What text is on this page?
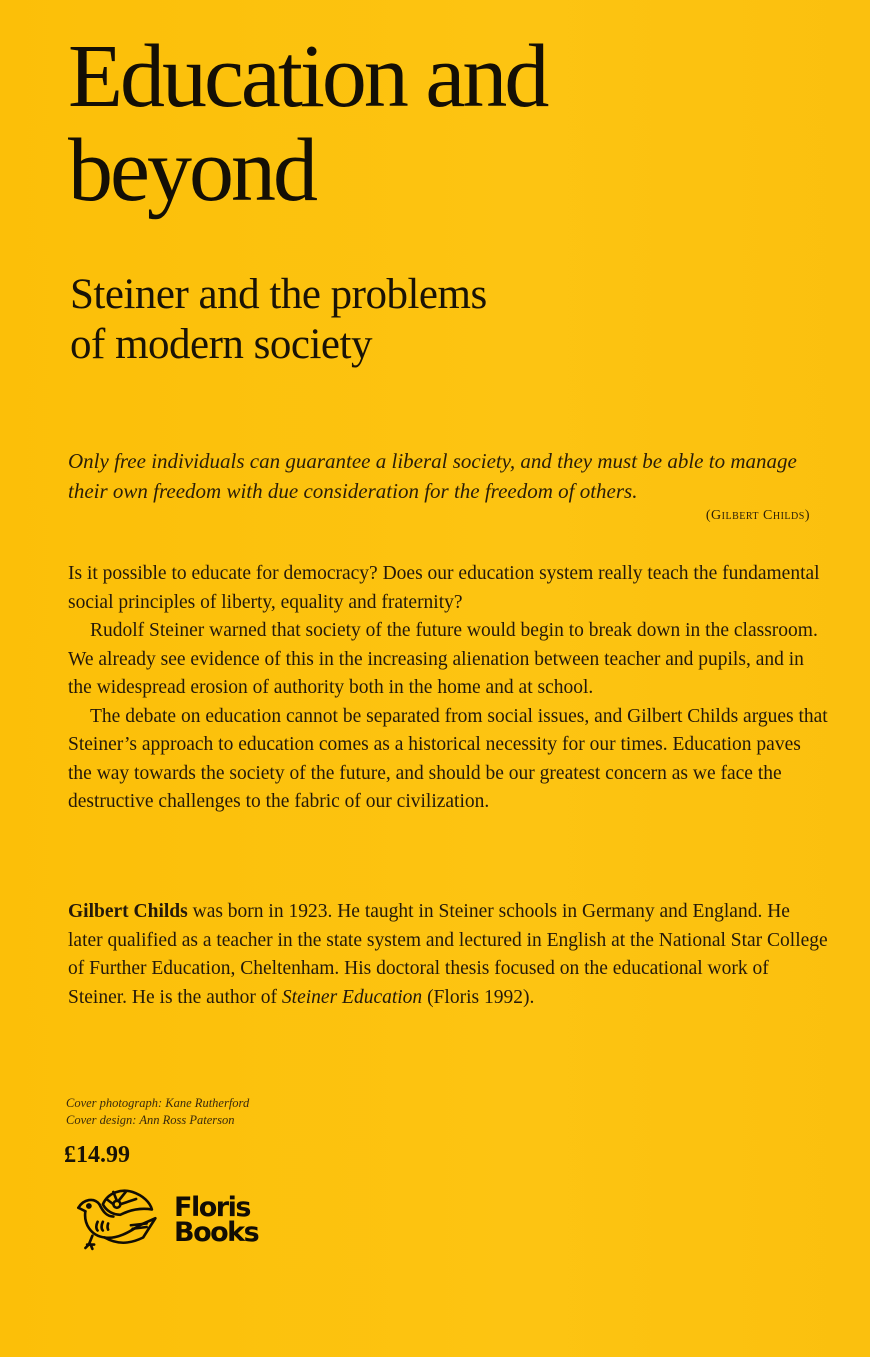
Education and
beyond
Steiner and the problems
of modern society

Only free individuals can guarantee a liberal society, and they must be able to manage their own freedom with due consideration for the freedom of others.

(Gilbert Childs)

Is it possible to educate for democracy? Does our education system really teach the fundamental social principles of liberty, equality and fraternity?

Rudolf Steiner warned that society of the future would begin to break down in the classroom. We already see evidence of this in the increasing alienation between teacher and pupils, and in the widespread erosion of authority both in the home and at school.

The debate on education cannot be separated from social issues, and Gilbert Childs argues that Steiner’s approach to education comes as a historical necessity for our times. Education paves the way towards the society of the future, and should be our greatest concern as we face the destructive challenges to the fabric of our civilization.

Gilbert Childs was born in 1923. He taught in Steiner schools in Germany and England. He later qualified as a teacher in the state system and lectured in English at the National Star College of Further Education, Cheltenham. His doctoral thesis focused on the educational work of Steiner. He is the author of Steiner Education (Floris 1992).

Cover photograph: Kane Rutherford
Cover design: Ann Ross Paterson
£14.99
Floris
Books
